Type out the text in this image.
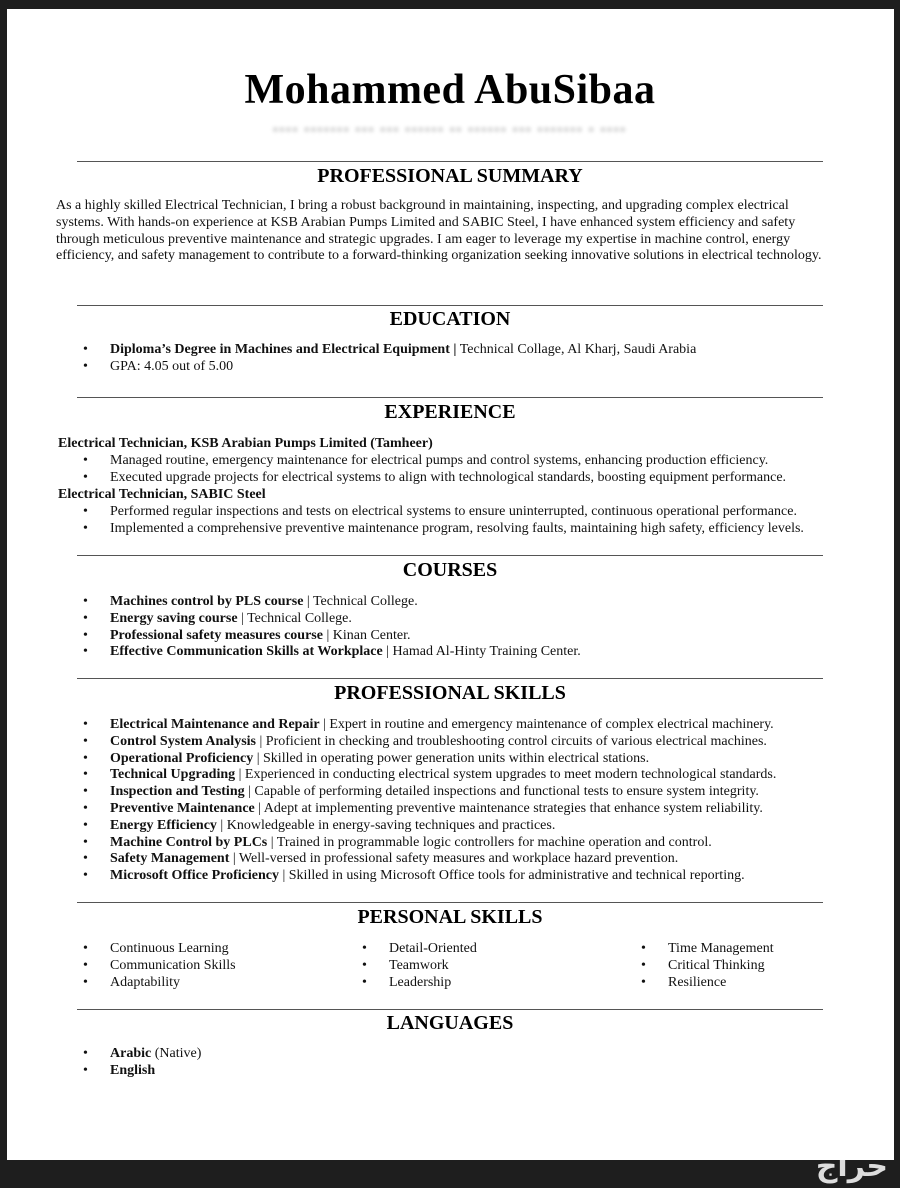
Mohammed AbuSibaa
•••• ••••••• ••• ••• •••••• •• •••••• ••• ••••••• • ••••
PROFESSIONAL SUMMARY

As a highly skilled Electrical Technician, I bring a robust background in maintaining, inspecting, and upgrading complex electrical systems. With hands-on experience at KSB Arabian Pumps Limited and SABIC Steel, I have enhanced system efficiency and safety through meticulous preventive maintenance and strategic upgrades. I am eager to leverage my expertise in machine control, energy efficiency, and safety management to contribute to a forward-thinking organization seeking innovative solutions in electrical technology.

EDUCATION
• Diploma’s Degree in Machines and Electrical Equipment | Technical Collage, Al Kharj, Saudi Arabia
• GPA: 4.05 out of 5.00
EXPERIENCE
Electrical Technician, KSB Arabian Pumps Limited (Tamheer)
• Managed routine, emergency maintenance for electrical pumps and control systems, enhancing production efficiency.
• Executed upgrade projects for electrical systems to align with technological standards, boosting equipment performance.
Electrical Technician, SABIC Steel
• Performed regular inspections and tests on electrical systems to ensure uninterrupted, continuous operational performance.
• Implemented a comprehensive preventive maintenance program, resolving faults, maintaining high safety, efficiency levels.
COURSES
• Machines control by PLS course | Technical College.
• Energy saving course | Technical College.
• Professional safety measures course | Kinan Center.
• Effective Communication Skills at Workplace | Hamad Al-Hinty Training Center.
PROFESSIONAL SKILLS
• Electrical Maintenance and Repair | Expert in routine and emergency maintenance of complex electrical machinery.
• Control System Analysis | Proficient in checking and troubleshooting control circuits of various electrical machines.
• Operational Proficiency | Skilled in operating power generation units within electrical stations.
• Technical Upgrading | Experienced in conducting electrical system upgrades to meet modern technological standards.
• Inspection and Testing | Capable of performing detailed inspections and functional tests to ensure system integrity.
• Preventive Maintenance | Adept at implementing preventive maintenance strategies that enhance system reliability.
• Energy Efficiency | Knowledgeable in energy-saving techniques and practices.
• Machine Control by PLCs | Trained in programmable logic controllers for machine operation and control.
• Safety Management | Well-versed in professional safety measures and workplace hazard prevention.
• Microsoft Office Proficiency | Skilled in using Microsoft Office tools for administrative and technical reporting.
PERSONAL SKILLS
• Continuous Learning
• Communication Skills
• Adaptability
• Detail-Oriented
• Teamwork
• Leadership
• Time Management
• Critical Thinking
• Resilience
LANGUAGES
• Arabic (Native)
• English
حراج
